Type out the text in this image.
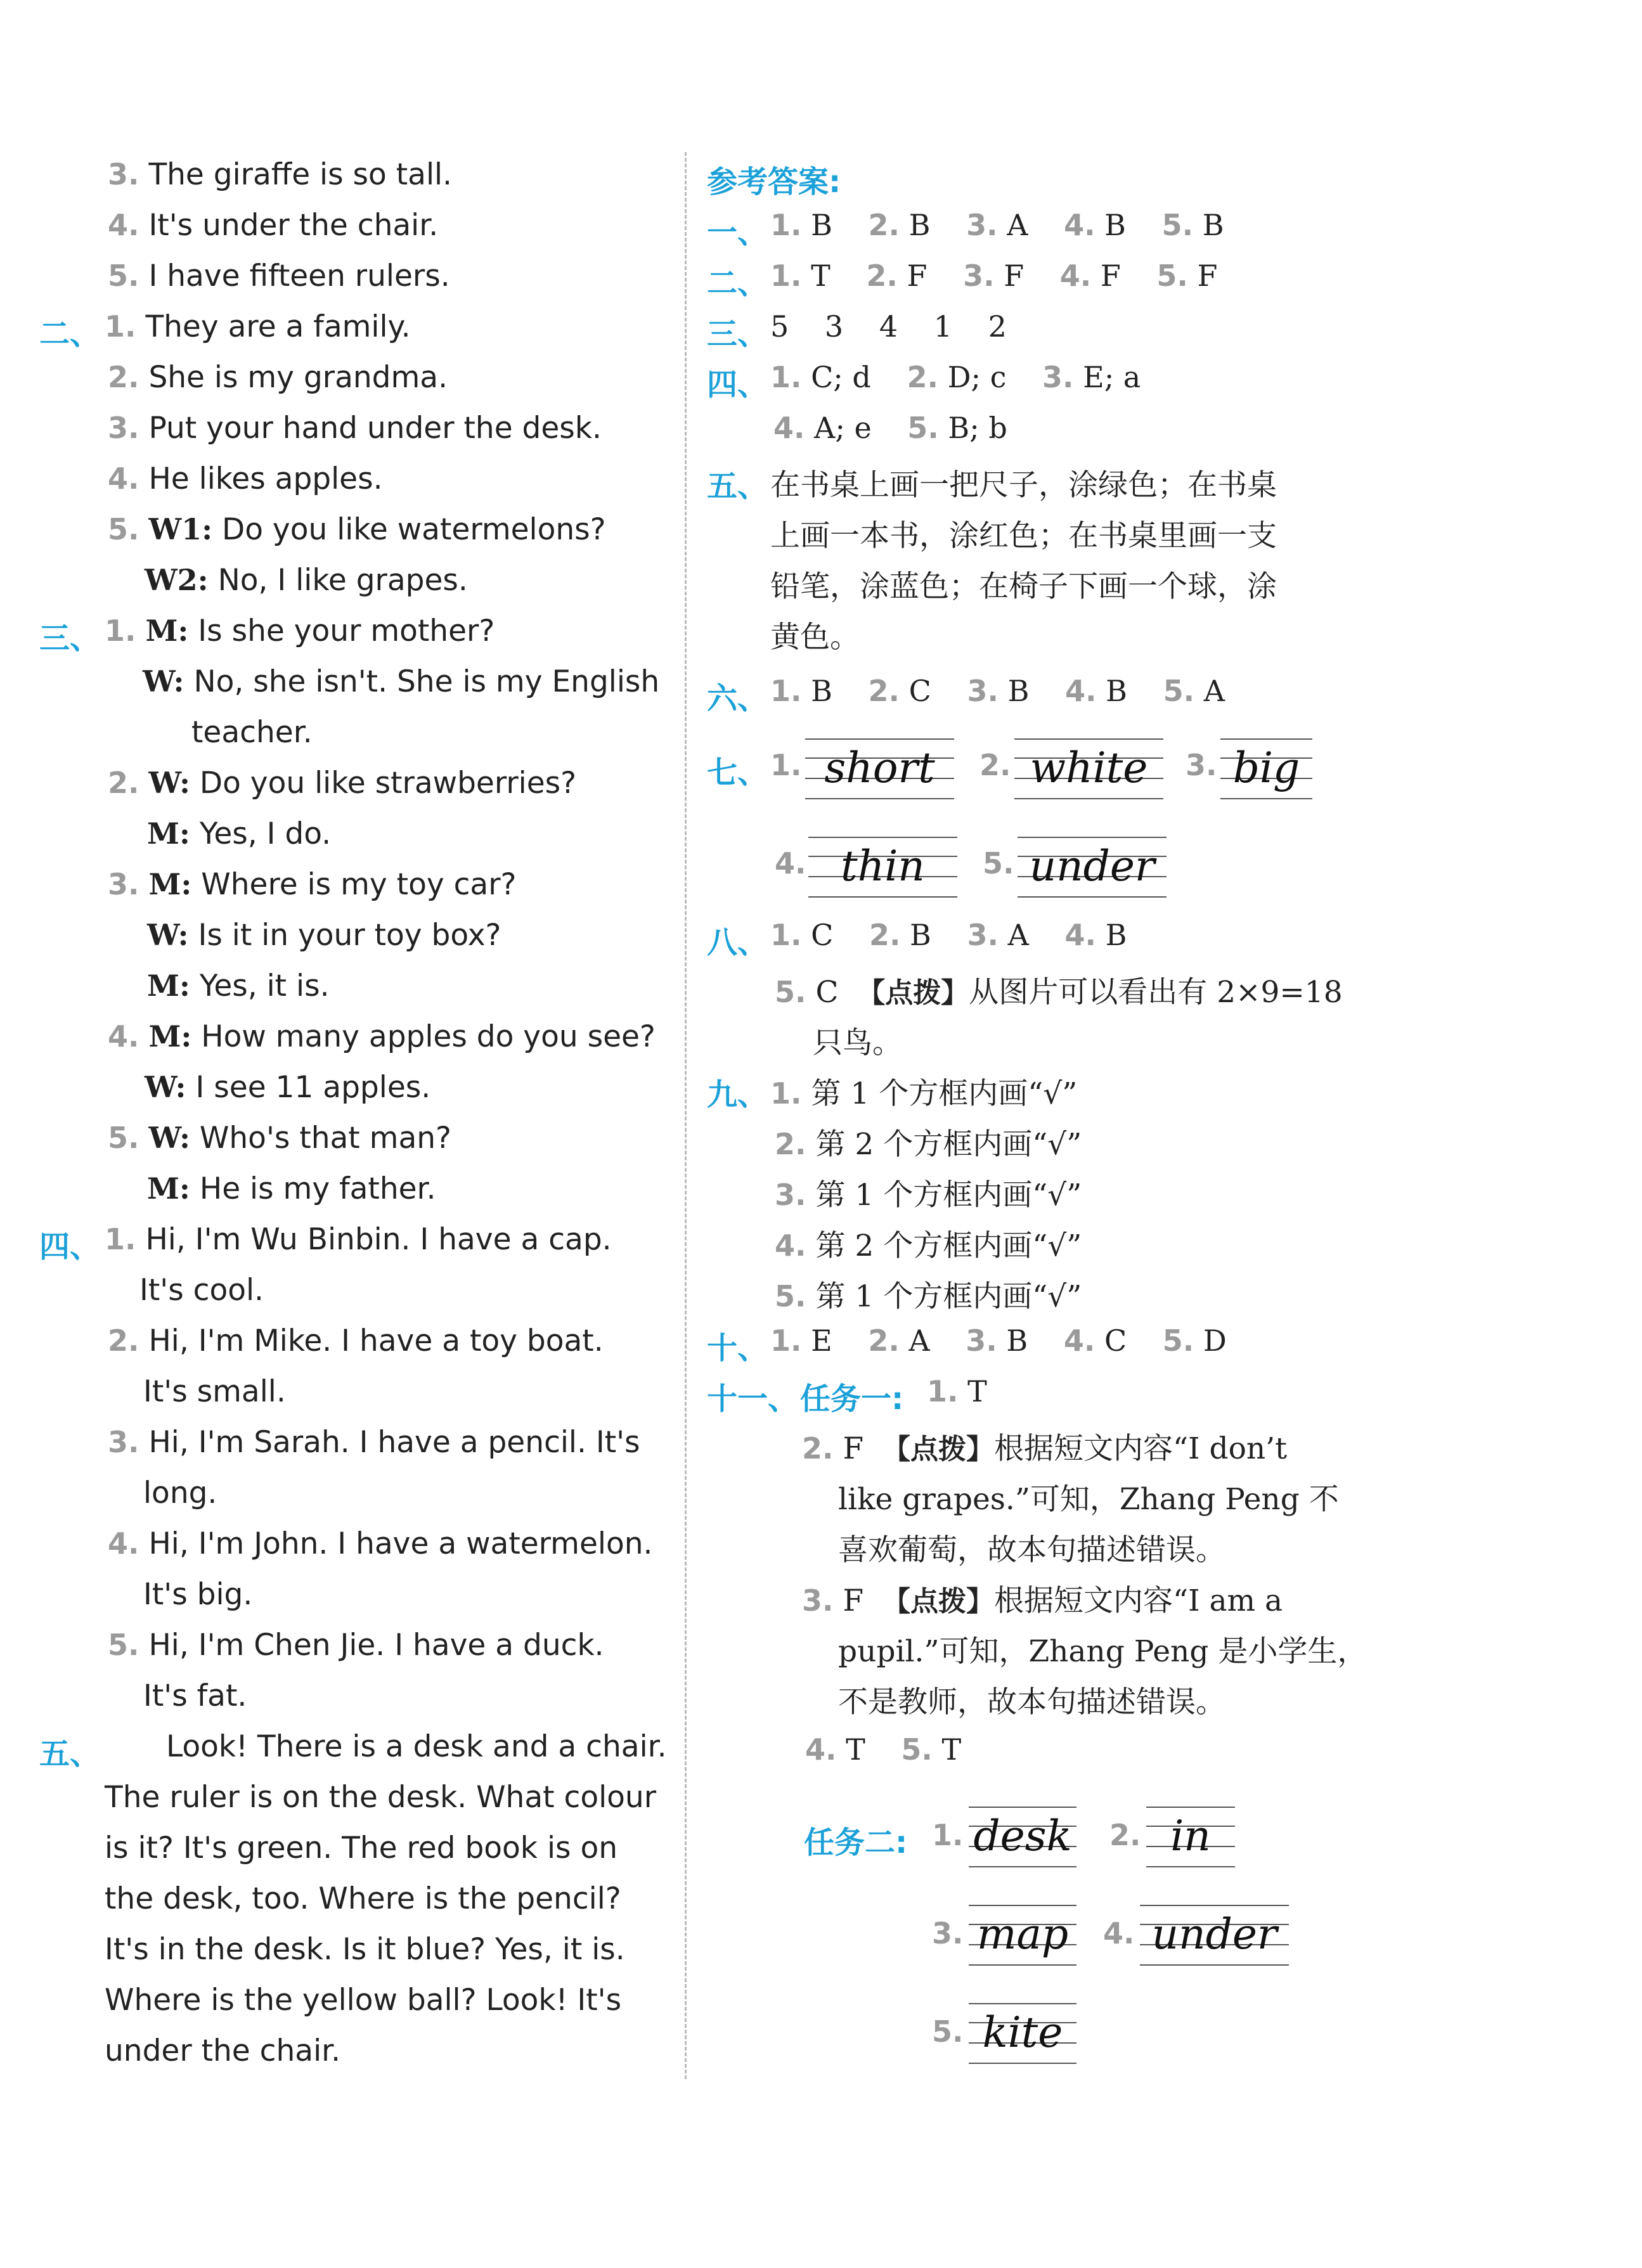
3. The giraffe is so tall.
4. It's under the chair.
5. I have fifteen rulers.
二、 1. They are a family.
2. She is my grandma.
3. Put your hand under the desk.
4. He likes apples.
5. W1: Do you like watermelons?
W2: No, I like grapes.
三、 1. M: Is she your mother?
W: No, she isn't. She is my English
teacher.
2. W: Do you like strawberries?
M: Yes, I do.
3. M: Where is my toy car?
W: Is it in your toy box?
M: Yes, it is.
4. M: How many apples do you see?
W: I see 11 apples.
5. W: Who's that man?
M: He is my father.
四、 1. Hi, I'm Wu Binbin. I have a cap.
It's cool.
2. Hi, I'm Mike. I have a toy boat.
It's small.
3. Hi, I'm Sarah. I have a pencil. It's
long.
4. Hi, I'm John. I have a watermelon.
It's big.
5. Hi, I'm Chen Jie. I have a duck.
It's fat.
五、 Look! There is a desk and a chair.
The ruler is on the desk. What colour
is it? It's green. The red book is on
the desk, too. Where is the pencil?
It's in the desk. Is it blue? Yes, it is.
Where is the yellow ball? Look! It's
under the chair.
参考答案:
一、 1. B 2. B 3. A 4. B 5. B
二、 1. T 2. F 3. F 4. F 5. F
三、 5 3 4 1 2
四、 1. C; d 2. D; c 3. E; a
4. A; e 5. B; b
五、 在书桌上画一把尺子，涂绿色；在书桌
上画一本书，涂红色；在书桌里画一支
铅笔，涂蓝色；在椅子下画一个球，涂
黄色。
六、 1. B 2. C 3. B 4. B 5. A
七、 1. short	2. white	3. big
4. thin	5. under
八、 1. C 2. B 3. A 4. B
5. C 【点拨】从图片可以看出有 2×9=18
只鸟。
九、 1. 第 1 个方框内画“√”
2. 第 2 个方框内画“√”
3. 第 1 个方框内画“√”
4. 第 2 个方框内画“√”
5. 第 1 个方框内画“√”
十、 1. E 2. A 3. B 4. C 5. D
十一、 任务一: 1. T
2. F 【点拨】根据短文内容“I don’t
like grapes.”可知，Zhang Peng 不
喜欢葡萄，故本句描述错误。
3. F 【点拨】根据短文内容“I am a
pupil.”可知，Zhang Peng 是小学生，
不是教师，故本句描述错误。
4. T 5. T
任务二: 1. desk 2. in
3. map 4. under
5. kite
